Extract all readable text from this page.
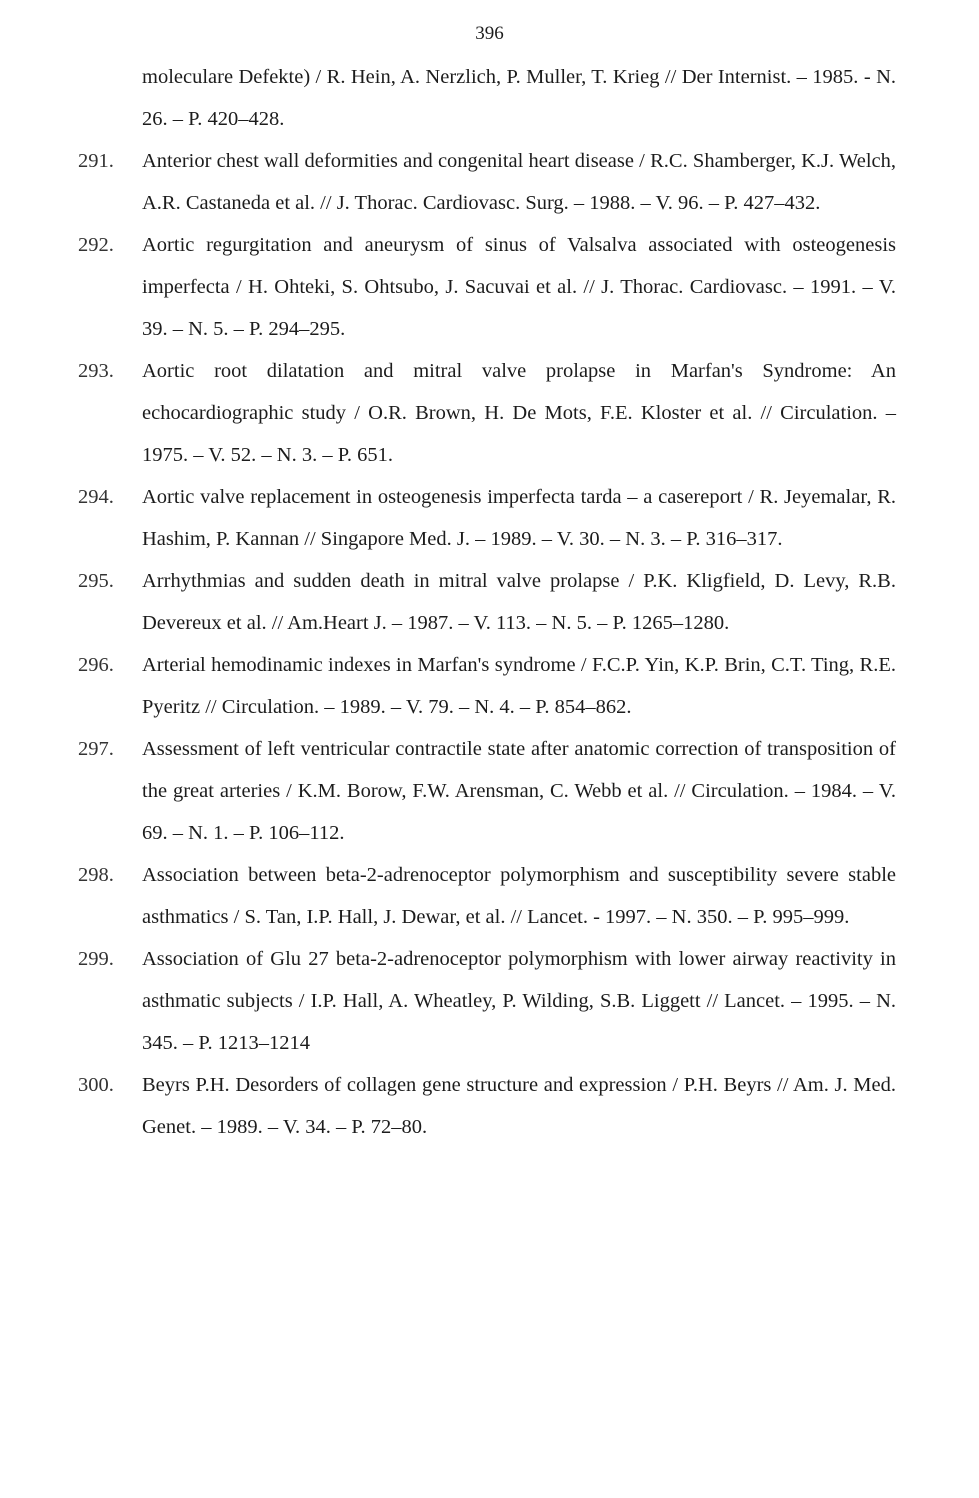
396
moleculare Defekte) / R. Hein, A. Nerzlich, P. Muller, T. Krieg // Der Internist. – 1985. - N. 26. – P. 420–428.
291. Anterior chest wall deformities and congenital heart disease / R.C. Shamberger, K.J. Welch, A.R. Castaneda et al. // J. Thorac. Cardiovasc. Surg. – 1988. – V. 96. – P. 427–432.
292. Aortic regurgitation and aneurysm of sinus of Valsalva associated with osteogenesis imperfecta / H. Ohteki, S. Ohtsubo, J. Sacuvai et al. // J. Thorac. Cardiovasc. – 1991. – V. 39. – N. 5. – P. 294–295.
293. Aortic root dilatation and mitral valve prolapse in Marfan's Syndrome: An echocardiographic study / O.R. Brown, H. De Mots, F.E. Kloster et al. // Circulation. – 1975. – V. 52. – N. 3. – P. 651.
294. Aortic valve replacement in osteogenesis imperfecta tarda – a casereport / R. Jeyemalar, R. Hashim, P. Kannan // Singapore Med. J. – 1989. – V. 30. – N. 3. – P. 316–317.
295. Arrhythmias and sudden death in mitral valve prolapse / P.K. Kligfield, D. Levy, R.B. Devereux et al. // Am.Heart J. – 1987. – V. 113. – N. 5. – P. 1265–1280.
296. Arterial hemodinamic indexes in Marfan's syndrome / F.C.P. Yin, K.P. Brin, C.T. Ting, R.E. Pyeritz // Circulation. – 1989. – V. 79. – N. 4. – P. 854–862.
297. Assessment of left ventricular contractile state after anatomic correction of transposition of the great arteries / K.M. Borow, F.W. Arensman, C. Webb et al. // Circulation. – 1984. – V. 69. – N. 1. – P. 106–112.
298. Association between beta-2-adrenoceptor polymorphism and susceptibility severe stable asthmatics / S. Tan, I.P. Hall, J. Dewar, et al. // Lancet. - 1997. – N. 350. – P. 995–999.
299. Association of Glu 27 beta-2-adrenoceptor polymorphism with lower airway reactivity in asthmatic subjects / I.P. Hall, A. Wheatley, P. Wilding, S.B. Liggett // Lancet. – 1995. – N. 345. – P. 1213–1214
300. Beyrs P.H. Desorders of collagen gene structure and expression / P.H. Beyrs // Am. J. Med. Genet. – 1989. – V. 34. – P. 72–80.
